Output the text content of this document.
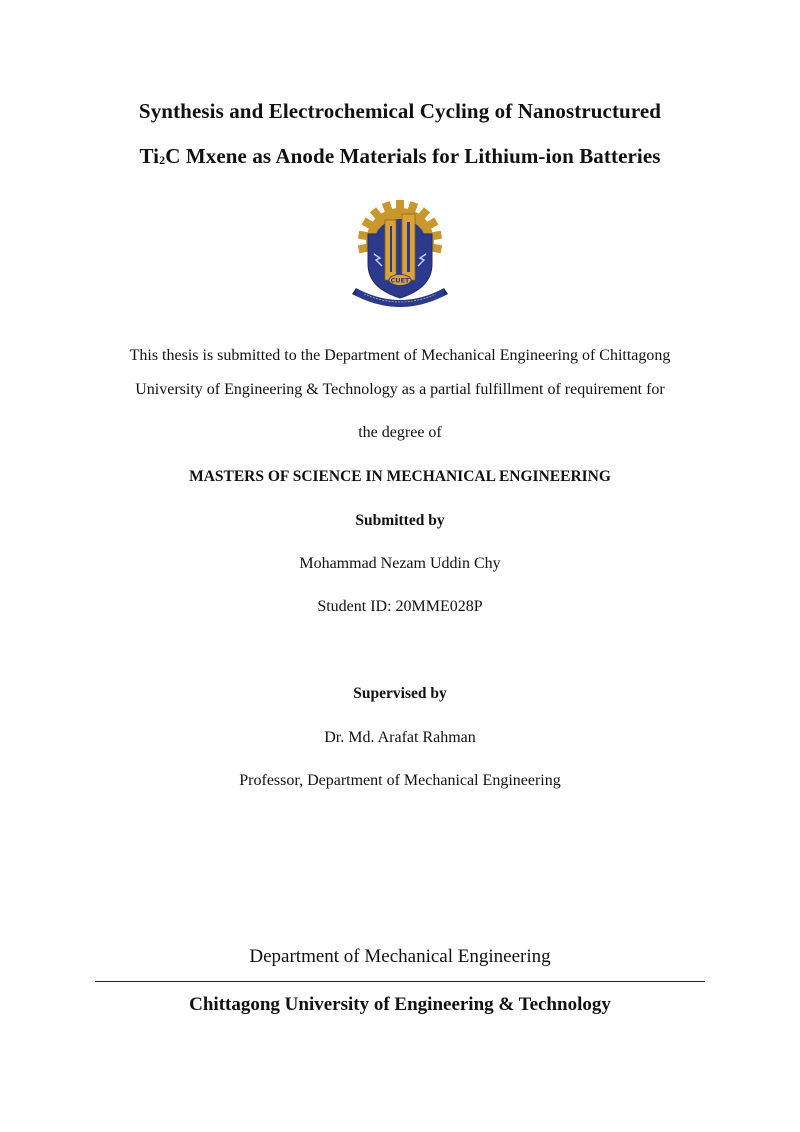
Synthesis and Electrochemical Cycling of Nanostructured
$Ti_2C$ Mxene as Anode Materials for Lithium-ion Batteries
CUET
This thesis is submitted to the Department of Mechanical Engineering of Chittagong
University of Engineering & Technology as a partial fulfillment of requirement for
the degree of
MASTERS OF SCIENCE IN MECHANICAL ENGINEERING
Submitted by
Mohammad Nezam Uddin Chy
Student ID: 20MME028P
Supervised by
Dr. Md. Arafat Rahman
Professor, Department of Mechanical Engineering
Department of Mechanical Engineering
Chittagong University of Engineering & Technology
